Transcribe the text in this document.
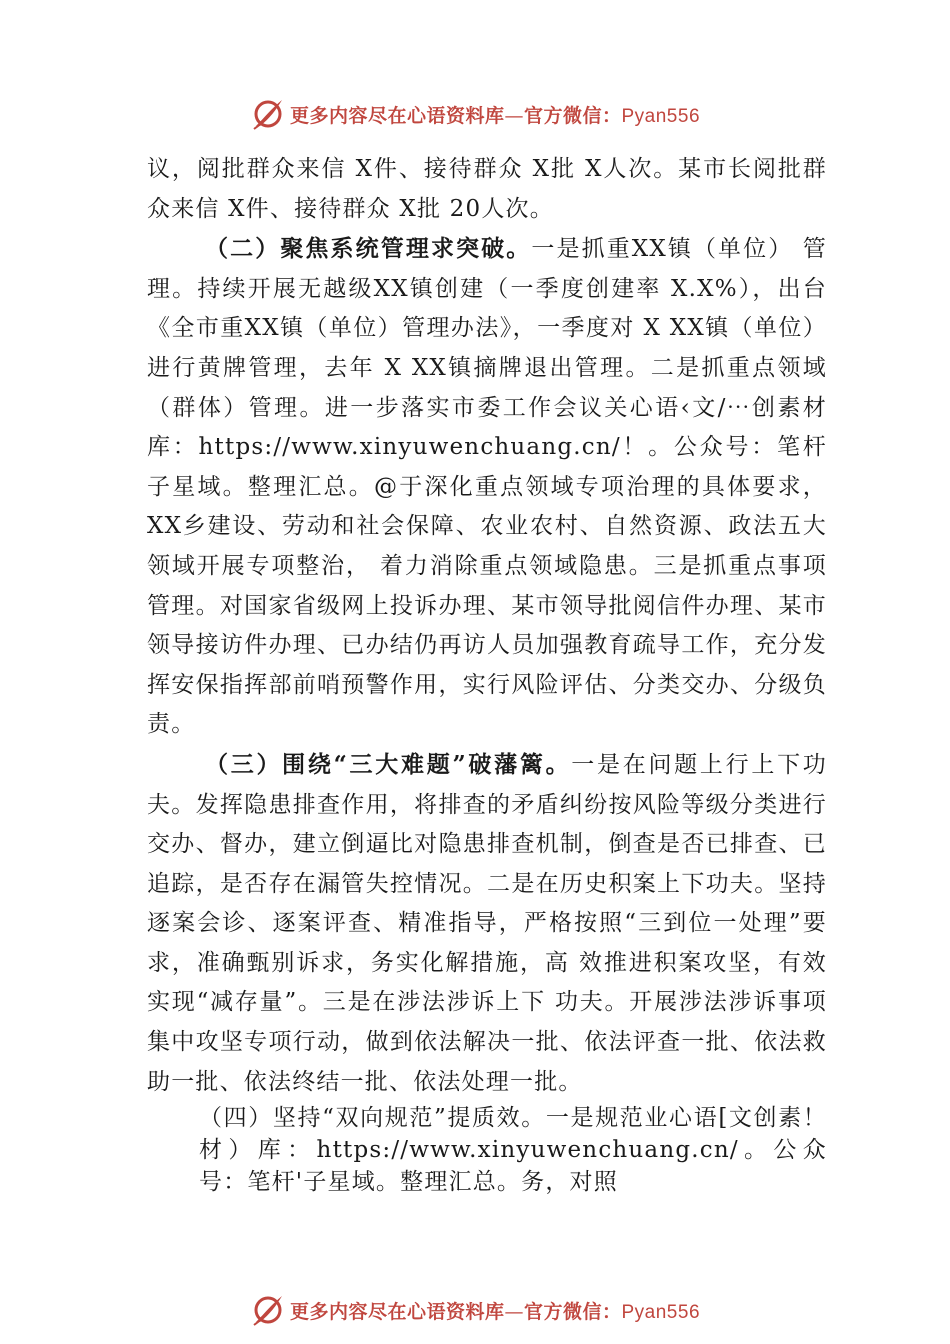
更多内容尽在心语资料库—官方微信：Pyan556

议，阅批群众来信 X件、接待群众 X批 X人次。某市长阅批群众来信 X件、接待群众 X批 20人次。

（二）聚焦系统管理求突破。一是抓重XX镇（单位） 管理。持续开展无越级XX镇创建（一季度创建率 X.X%），出台《全市重XX镇（单位）管理办法》，一季度对 X XX镇（单位）进行黄牌管理，去年 X XX镇摘牌退出管理。二是抓重点领域（群体）管理。进一步落实市委工作会议关心语‹文/⋯创素材库：https://www.xinyuwenchuang.cn/！。公众号：笔杆子星域。整理汇总。@于深化重点领域专项治理的具体要求，XX乡建设、劳动和社会保障、农业农村、自然资源、政法五大领域开展专项整治， 着力消除重点领域隐患。三是抓重点事项管理。对国家省级网上投诉办理、某市领导批阅信件办理、某市领导接访件办理、已办结仍再访人员加强教育疏导工作，充分发挥安保指挥部前哨预警作用，实行风险评估、分类交办、分级负责。

（三）围绕“三大难题”破藩篱。一是在问题上行上下功夫。发挥隐患排查作用，将排查的矛盾纠纷按风险等级分类进行交办、督办，建立倒逼比对隐患排查机制，倒查是否已排查、已追踪，是否存在漏管失控情况。二是在历史积案上下功夫。坚持逐案会诊、逐案评查、精准指导，严格按照“三到位一处理”要求，准确甄别诉求，务实化解措施，高 效推进积案攻坚，有效实现“减存量”。三是在涉法涉诉上下 功夫。开展涉法涉诉事项集中攻坚专项行动，做到依法解决一批、依法评查一批、依法救助一批、依法终结一批、依法处理一批。

（四）坚持“双向规范”提质效。一是规范业心语[文创素！材）库：https://www.xinyuwenchuang.cn/。公众号：笔杆'子星域。整理汇总。务，对照

更多内容尽在心语资料库—官方微信：Pyan556
